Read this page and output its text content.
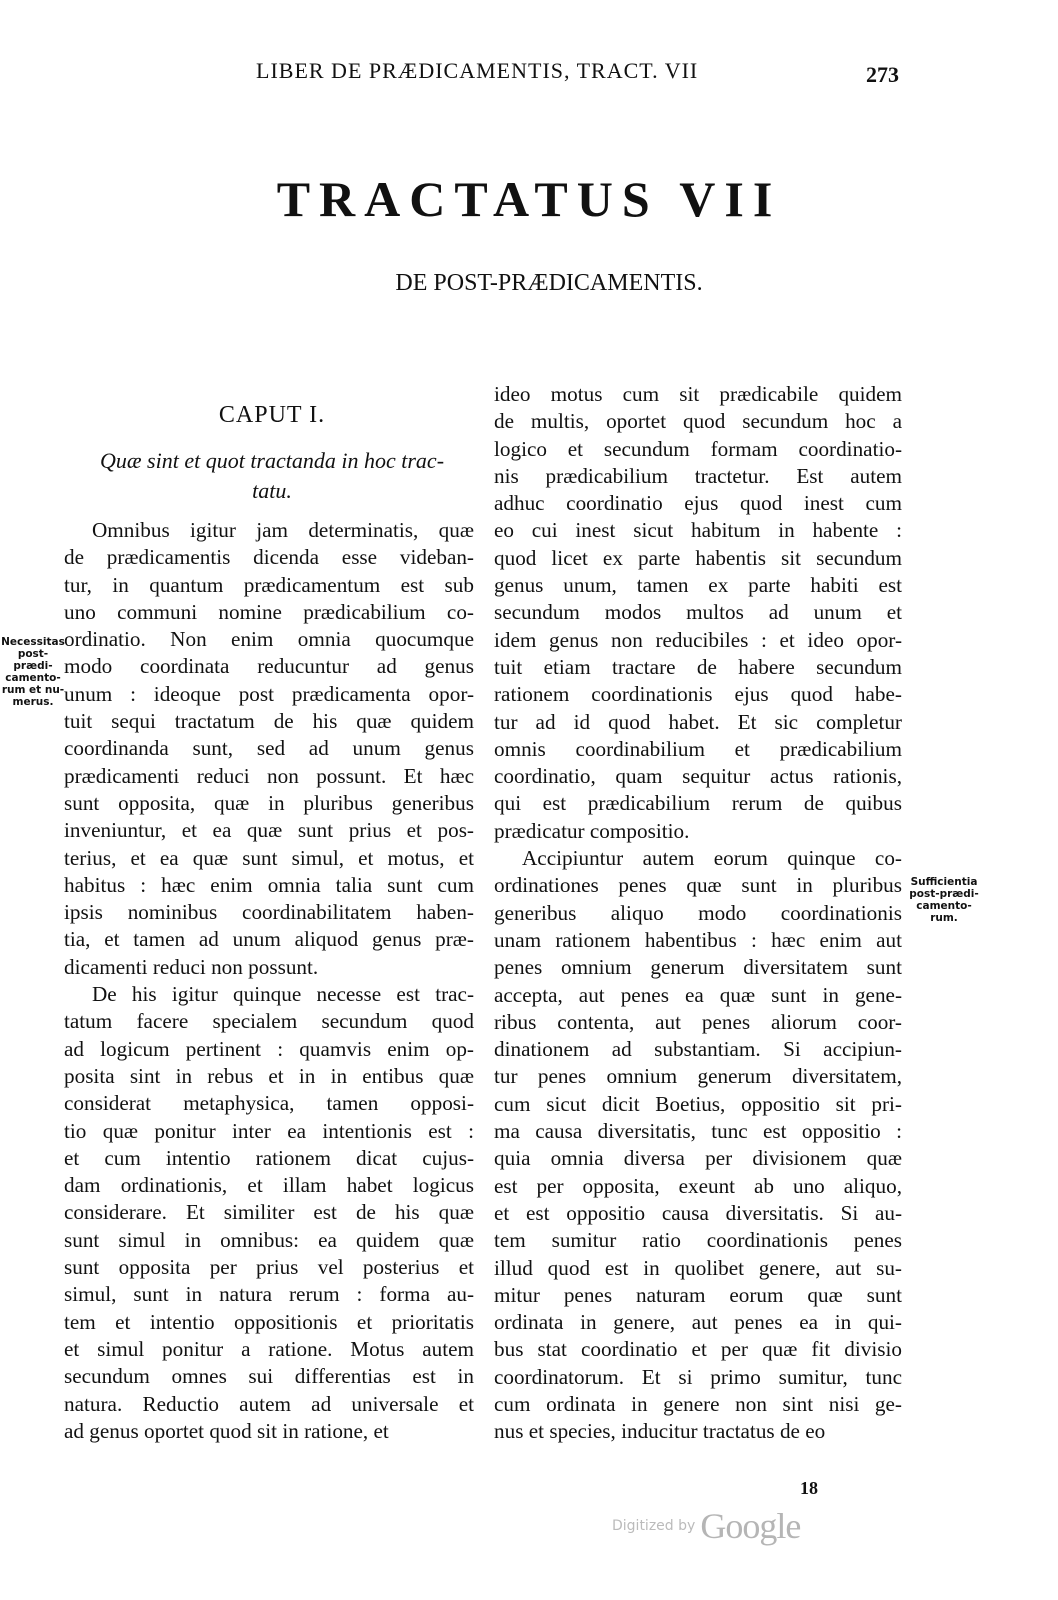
LIBER DE PRÆDICAMENTIS, TRACT. VII	273
TRACTATUS VII
DE POST-PRÆDICAMENTIS.
CAPUT I.
Quæ sint et quot tractanda in hoc trac-
tatu.
Necessitas
post-prædi-
camento-
rum et nu-
merus.
Sufficientia
post-prædi-
camento-
rum.
Omnibus igitur jam determinatis, quæ
de prædicamentis dicenda esse videban-
tur, in quantum prædicamentum est sub
uno communi nomine prædicabilium co-
ordinatio. Non enim omnia quocumque
modo coordinata reducuntur ad genus
unum : ideoque post prædicamenta opor-
tuit sequi tractatum de his quæ quidem
coordinanda sunt, sed ad unum genus
prædicamenti reduci non possunt. Et hæc
sunt opposita, quæ in pluribus generibus
inveniuntur, et ea quæ sunt prius et pos-
terius, et ea quæ sunt simul, et motus, et
habitus : hæc enim omnia talia sunt cum
ipsis nominibus coordinabilitatem haben-
tia, et tamen ad unum aliquod genus præ-
dicamenti reduci non possunt.
De his igitur quinque necesse est trac-
tatum facere specialem secundum quod
ad logicum pertinent : quamvis enim op-
posita sint in rebus et in in entibus quæ
considerat metaphysica, tamen opposi-
tio quæ ponitur inter ea intentionis est :
et cum intentio rationem dicat cujus-
dam ordinationis, et illam habet logicus
considerare. Et similiter est de his quæ
sunt simul in omnibus: ea quidem quæ
sunt opposita per prius vel posterius et
simul, sunt in natura rerum : forma au-
tem et intentio oppositionis et prioritatis
et simul ponitur a ratione. Motus autem
secundum omnes sui differentias est in
natura. Reductio autem ad universale et
ad genus oportet quod sit in ratione, et
ideo motus cum sit prædicabile quidem
de multis, oportet quod secundum hoc a
logico et secundum formam coordinatio-
nis prædicabilium tractetur. Est autem
adhuc coordinatio ejus quod inest cum
eo cui inest sicut habitum in habente :
quod licet ex parte habentis sit secundum
genus unum, tamen ex parte habiti est
secundum modos multos ad unum et
idem genus non reducibiles : et ideo opor-
tuit etiam tractare de habere secundum
rationem coordinationis ejus quod habe-
tur ad id quod habet. Et sic completur
omnis coordinabilium et prædicabilium
coordinatio, quam sequitur actus rationis,
qui est prædicabilium rerum de quibus
prædicatur compositio.
Accipiuntur autem eorum quinque co-
ordinationes penes quæ sunt in pluribus
generibus aliquo modo coordinationis
unam rationem habentibus : hæc enim aut
penes omnium generum diversitatem sunt
accepta, aut penes ea quæ sunt in gene-
ribus contenta, aut penes aliorum coor-
dinationem ad substantiam. Si accipiun-
tur penes omnium generum diversitatem,
cum sicut dicit Boetius, oppositio sit pri-
ma causa diversitatis, tunc est oppositio :
quia omnia diversa per divisionem quæ
est per opposita, exeunt ab uno aliquo,
et est oppositio causa diversitatis. Si au-
tem sumitur ratio coordinationis penes
illud quod est in quolibet genere, aut su-
mitur penes naturam eorum quæ sunt
ordinata in genere, aut penes ea in qui-
bus stat coordinatio et per quæ fit divisio
coordinatorum. Et si primo sumitur, tunc
cum ordinata in genere non sint nisi ge-
nus et species, inducitur tractatus de eo
18
Digitized by Google
